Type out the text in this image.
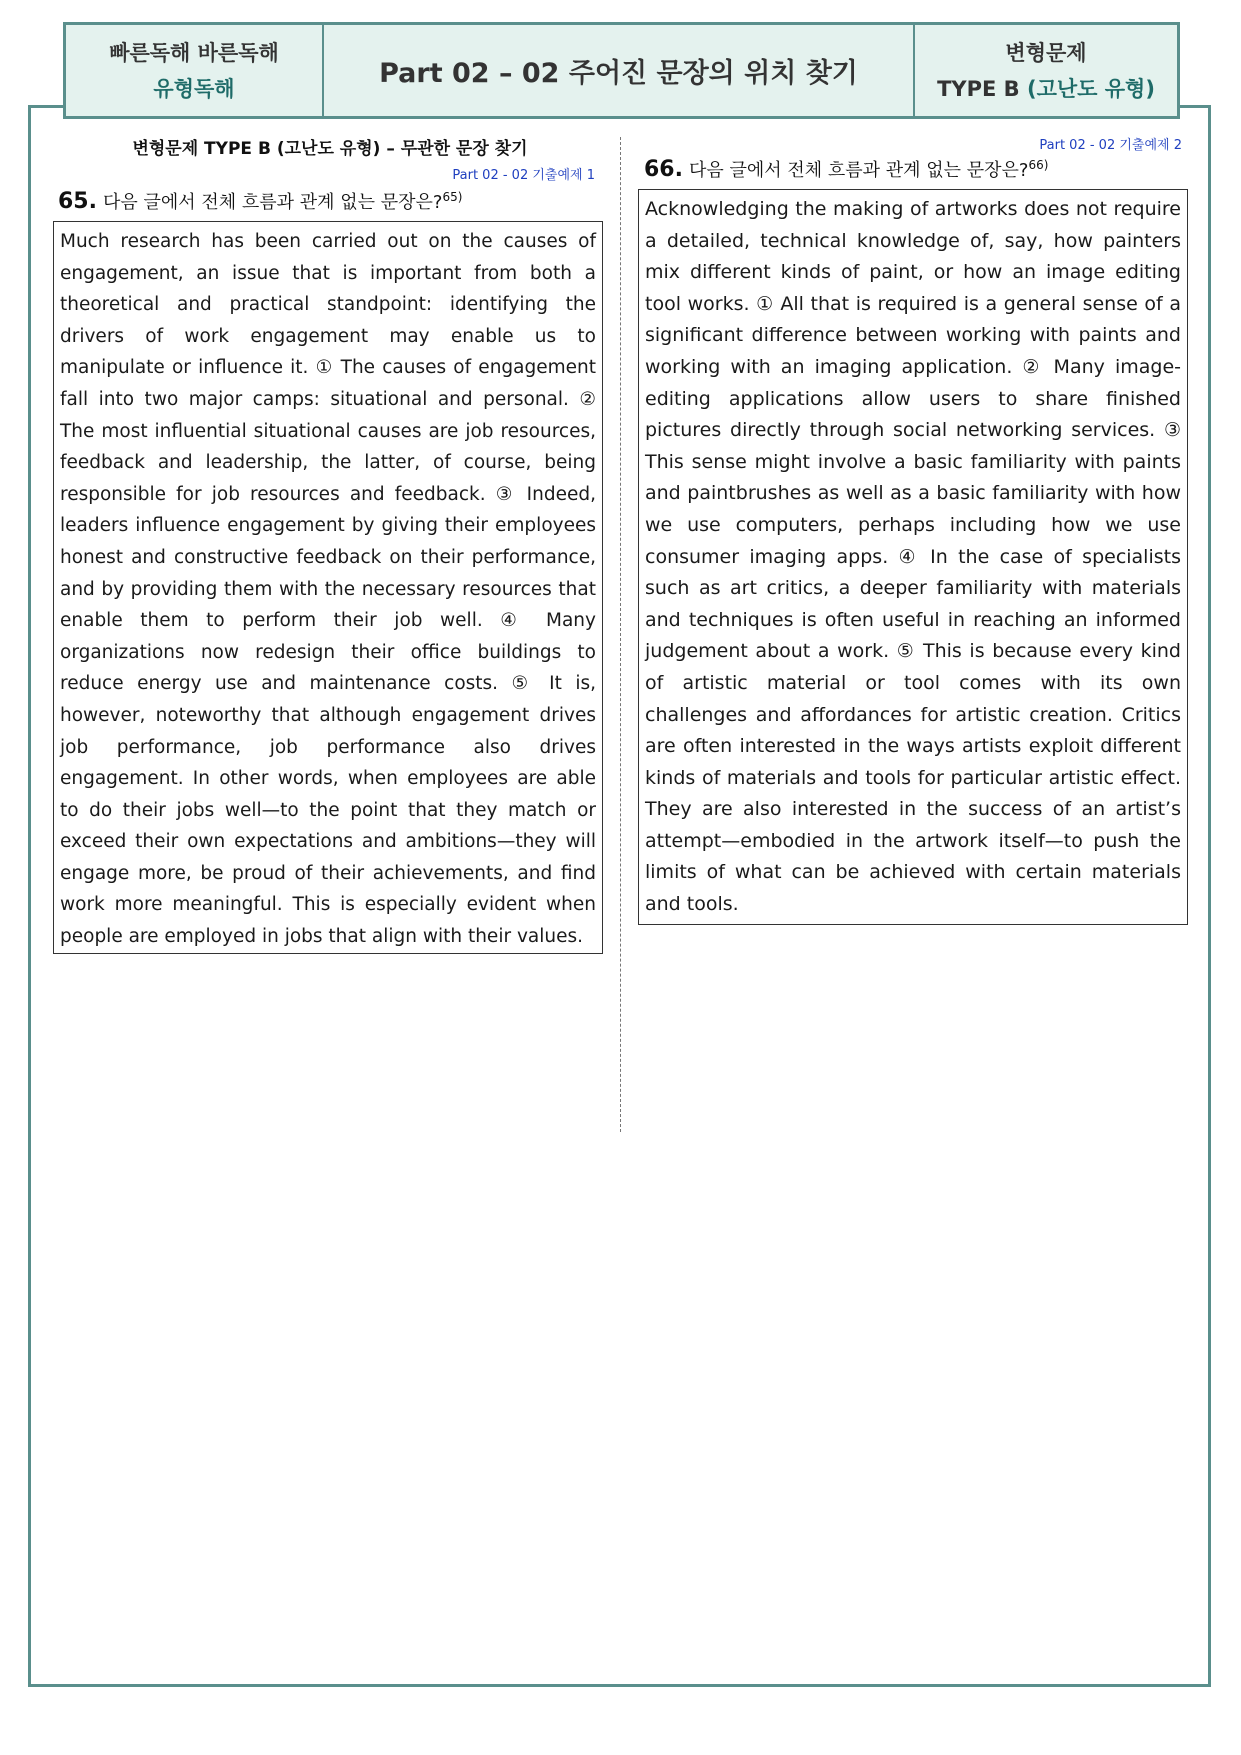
빠른독해 바른독해
유형독해	Part 02 – 02 주어진 문장의 위치 찾기
변형문제
TYPE B (고난도 유형)
변형문제 TYPE B (고난도 유형) – 무관한 문장 찾기
Part 02 - 02 기출예제 1
65. 다음 글에서 전체 흐름과 관계 없는 문장은?$^{65)}$

Much research has been carried out on the causes of engagement, an issue that is important from both a theoretical and practical standpoint: identifying the drivers of work engagement may enable us to manipulate or influence it. ① The causes of engagement fall into two major camps: situational and personal. ② The most influential situational causes are job resources, feedback and leadership, the latter, of course, being responsible for job resources and feedback. ③ Indeed, leaders influence engagement by giving their employees honest and constructive feedback on their performance, and by providing them with the necessary resources that enable them to perform their job well. ④ Many organizations now redesign their office buildings to reduce energy use and maintenance costs. ⑤ It is, however, noteworthy that although engagement drives job performance, job performance also drives engagement. In other words, when employees are able to do their jobs well—to the point that they match or exceed their own expectations and ambitions—they will engage more, be proud of their achievements, and find work more meaningful. This is especially evident when people are employed in jobs that align with their values.

Part 02 - 02 기출예제 2
66. 다음 글에서 전체 흐름과 관계 없는 문장은?$^{66)}$

Acknowledging the making of artworks does not require a detailed, technical knowledge of, say, how painters mix different kinds of paint, or how an image editing tool works. ① All that is required is a general sense of a significant difference between working with paints and working with an imaging application. ② Many image-editing applications allow users to share finished pictures directly through social networking services. ③ This sense might involve a basic familiarity with paints and paintbrushes as well as a basic familiarity with how we use computers, perhaps including how we use consumer imaging apps. ④ In the case of specialists such as art critics, a deeper familiarity with materials and techniques is often useful in reaching an informed judgement about a work. ⑤ This is because every kind of artistic material or tool comes with its own challenges and affordances for artistic creation. Critics are often interested in the ways artists exploit different kinds of materials and tools for particular artistic effect. They are also interested in the success of an artist’s attempt—embodied in the artwork itself—to push the limits of what can be achieved with certain materials and tools.
